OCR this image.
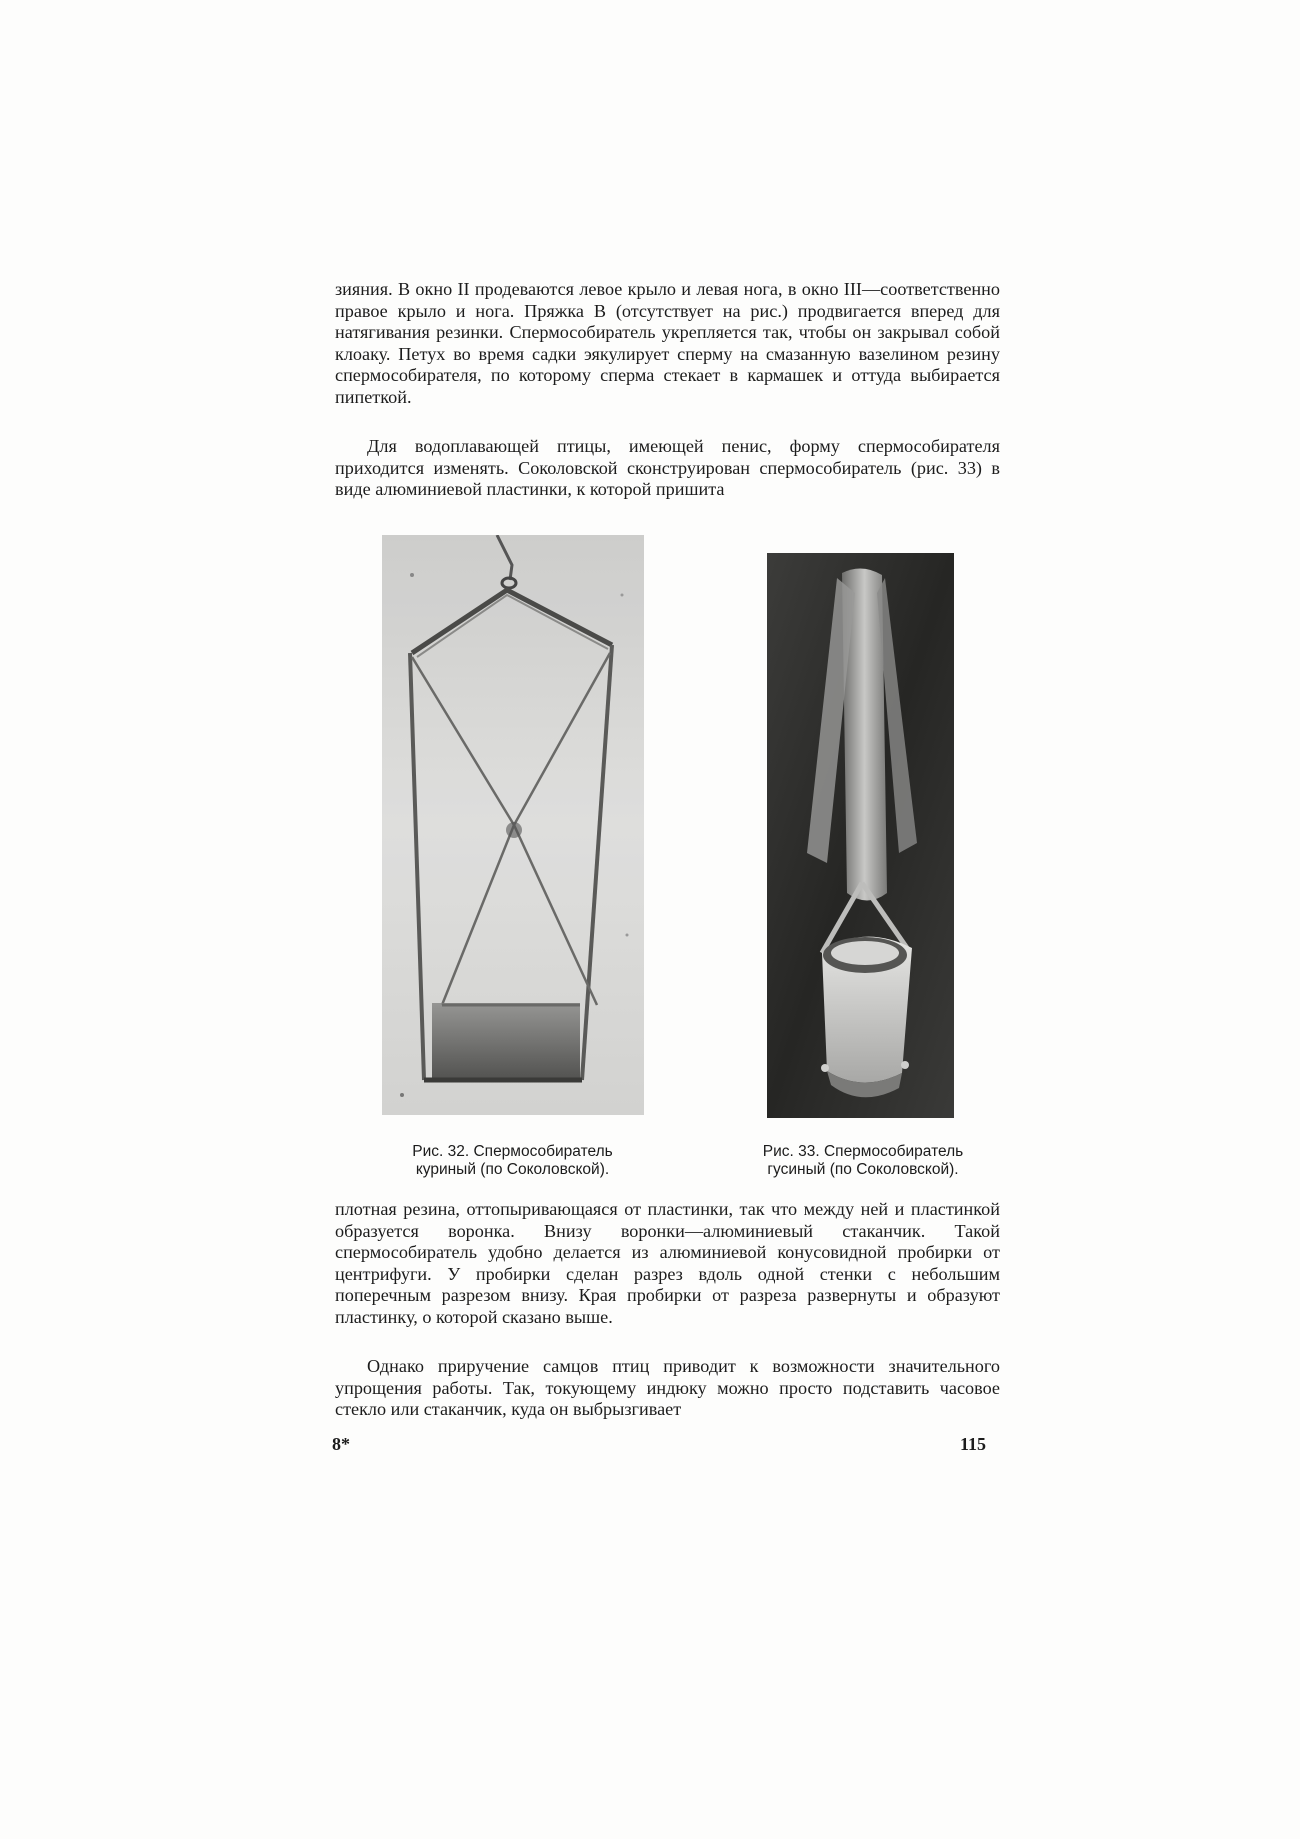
зияния. В окно II продеваются левое крыло и левая нога, в окно III—соответственно правое крыло и нога. Пряжка В (отсутствует на рис.) продвигается вперед для натягивания резинки. Спермособиратель укрепляется так, чтобы он закрывал собой клоаку. Петух во время садки эякулирует сперму на смазанную вазелином резину спермособирателя, по которому сперма стекает в кармашек и оттуда выбирается пипеткой.

Для водоплавающей птицы, имеющей пенис, форму спермособирателя приходится изменять. Соколовской сконструирован спермособиратель (рис. 33) в виде алюминиевой пластинки, к которой пришита

Рис. 32. Спермособиратель
куриный (по Соколовской).
Рис. 33. Спермособиратель
гусиный (по Соколовской).

плотная резина, оттопыривающаяся от пластинки, так что между ней и пластинкой образуется воронка. Внизу воронки—алюминиевый стаканчик. Такой спермособиратель удобно делается из алюминиевой конусовидной пробирки от центрифуги. У пробирки сделан разрез вдоль одной стенки с небольшим поперечным разрезом внизу. Края пробирки от разреза развернуты и образуют пластинку, о которой сказано выше.

Однако приручение самцов птиц приводит к возможности значительного упрощения работы. Так, токующему индюку можно просто подставить часовое стекло или стаканчик, куда он выбрызгивает

8*	115
